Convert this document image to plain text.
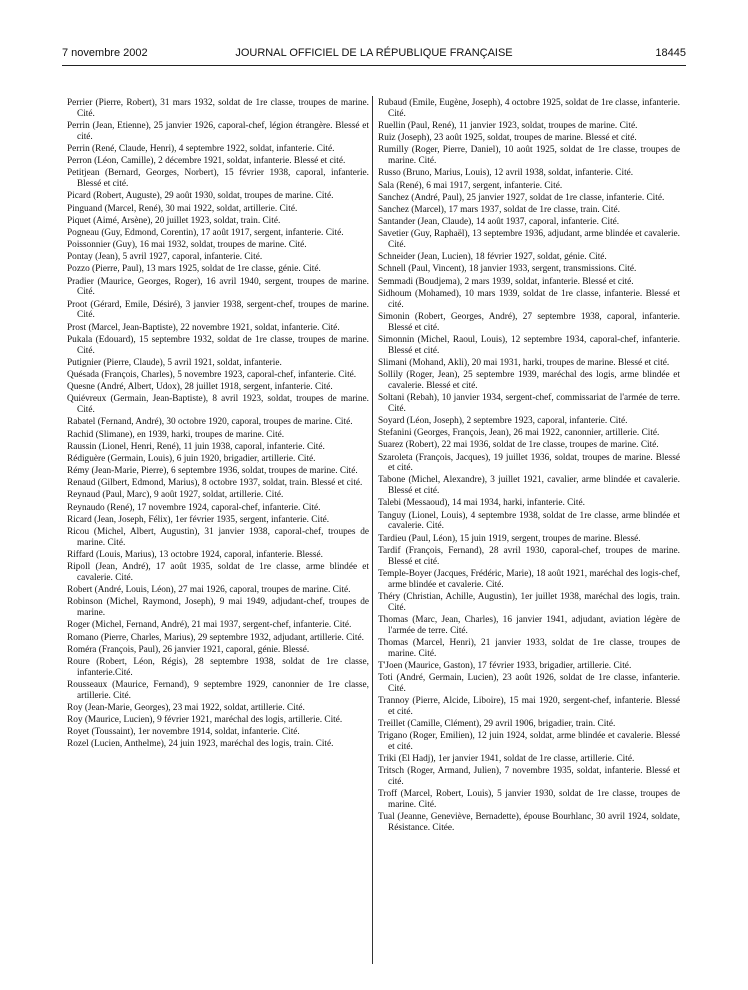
7 novembre 2002	JOURNAL OFFICIEL DE LA RÉPUBLIQUE FRANÇAISE	18445

Perrier (Pierre, Robert), 31 mars 1932, soldat de 1re classe, troupes de marine. Cité.

Perrin (Jean, Etienne), 25 janvier 1926, caporal-chef, légion étrangère. Blessé et cité.

Perrin (René, Claude, Henri), 4 septembre 1922, soldat, infanterie. Cité.

Perron (Léon, Camille), 2 décembre 1921, soldat, infanterie. Blessé et cité.

Petitjean (Bernard, Georges, Norbert), 15 février 1938, caporal, infanterie. Blessé et cité.

Picard (Robert, Auguste), 29 août 1930, soldat, troupes de marine. Cité.

Pinguand (Marcel, René), 30 mai 1922, soldat, artillerie. Cité.

Piquet (Aimé, Arsène), 20 juillet 1923, soldat, train. Cité.

Pogneau (Guy, Edmond, Corentin), 17 août 1917, sergent, infanterie. Cité.

Poissonnier (Guy), 16 mai 1932, soldat, troupes de marine. Cité.

Pontay (Jean), 5 avril 1927, caporal, infanterie. Cité.

Pozzo (Pierre, Paul), 13 mars 1925, soldat de 1re classe, génie. Cité.

Pradier (Maurice, Georges, Roger), 16 avril 1940, sergent, troupes de marine. Cité.

Proot (Gérard, Emile, Désiré), 3 janvier 1938, sergent-chef, troupes de marine. Cité.

Prost (Marcel, Jean-Baptiste), 22 novembre 1921, soldat, infanterie. Cité.

Pukala (Edouard), 15 septembre 1932, soldat de 1re classe, troupes de marine. Cité.

Putignier (Pierre, Claude), 5 avril 1921, soldat, infanterie.

Quésada (François, Charles), 5 novembre 1923, caporal-chef, infanterie. Cité.

Quesne (André, Albert, Udox), 28 juillet 1918, sergent, infanterie. Cité.

Quiévreux (Germain, Jean-Baptiste), 8 avril 1923, soldat, troupes de marine. Cité.

Rabatel (Fernand, André), 30 octobre 1920, caporal, troupes de marine. Cité.

Rachid (Slimane), en 1939, harki, troupes de marine. Cité.

Raussin (Lionel, Henri, René), 11 juin 1938, caporal, infanterie. Cité.

Rédiguère (Germain, Louis), 6 juin 1920, brigadier, artillerie. Cité.

Rémy (Jean-Marie, Pierre), 6 septembre 1936, soldat, troupes de marine. Cité.

Renaud (Gilbert, Edmond, Marius), 8 octobre 1937, soldat, train. Blessé et cité.

Reynaud (Paul, Marc), 9 août 1927, soldat, artillerie. Cité.

Reynaudo (René), 17 novembre 1924, caporal-chef, infanterie. Cité.

Ricard (Jean, Joseph, Félix), 1er février 1935, sergent, infanterie. Cité.

Ricou (Michel, Albert, Augustin), 31 janvier 1938, caporal-chef, troupes de marine. Cité.

Riffard (Louis, Marius), 13 octobre 1924, caporal, infanterie. Blessé.

Ripoll (Jean, André), 17 août 1935, soldat de 1re classe, arme blindée et cavalerie. Cité.

Robert (André, Louis, Léon), 27 mai 1926, caporal, troupes de marine. Cité.

Robinson (Michel, Raymond, Joseph), 9 mai 1949, adjudant-chef, troupes de marine.

Roger (Michel, Fernand, André), 21 mai 1937, sergent-chef, infanterie. Cité.

Romano (Pierre, Charles, Marius), 29 septembre 1932, adjudant, artillerie. Cité.

Roméra (François, Paul), 26 janvier 1921, caporal, génie. Blessé.

Roure (Robert, Léon, Régis), 28 septembre 1938, soldat de 1re classe, infanterie.Cité.

Rousseaux (Maurice, Fernand), 9 septembre 1929, canonnier de 1re classe, artillerie. Cité.

Roy (Jean-Marie, Georges), 23 mai 1922, soldat, artillerie. Cité.

Roy (Maurice, Lucien), 9 février 1921, maréchal des logis, artillerie. Cité.

Royet (Toussaint), 1er novembre 1914, soldat, infanterie. Cité.

Rozel (Lucien, Anthelme), 24 juin 1923, maréchal des logis, train. Cité.

Rubaud (Emile, Eugène, Joseph), 4 octobre 1925, soldat de 1re classe, infanterie. Cité.

Ruellin (Paul, René), 11 janvier 1923, soldat, troupes de marine. Cité.

Ruiz (Joseph), 23 août 1925, soldat, troupes de marine. Blessé et cité.

Rumilly (Roger, Pierre, Daniel), 10 août 1925, soldat de 1re classe, troupes de marine. Cité.

Russo (Bruno, Marius, Louis), 12 avril 1938, soldat, infanterie. Cité.

Sala (René), 6 mai 1917, sergent, infanterie. Cité.

Sanchez (André, Paul), 25 janvier 1927, soldat de 1re classe, infanterie. Cité.

Sanchez (Marcel), 17 mars 1937, soldat de 1re classe, train. Cité.

Santander (Jean, Claude), 14 août 1937, caporal, infanterie. Cité.

Savetier (Guy, Raphaël), 13 septembre 1936, adjudant, arme blindée et cavalerie. Cité.

Schneider (Jean, Lucien), 18 février 1927, soldat, génie. Cité.

Schnell (Paul, Vincent), 18 janvier 1933, sergent, transmissions. Cité.

Semmadi (Boudjema), 2 mars 1939, soldat, infanterie. Blessé et cité.

Sidhoum (Mohamed), 10 mars 1939, soldat de 1re classe, infanterie. Blessé et cité.

Simonin (Robert, Georges, André), 27 septembre 1938, caporal, infanterie. Blessé et cité.

Simonnin (Michel, Raoul, Louis), 12 septembre 1934, caporal-chef, infanterie. Blessé et cité.

Slimani (Mohand, Akli), 20 mai 1931, harki, troupes de marine. Blessé et cité.

Sollily (Roger, Jean), 25 septembre 1939, maréchal des logis, arme blindée et cavalerie. Blessé et cité.

Soltani (Rebah), 10 janvier 1934, sergent-chef, commissariat de l'armée de terre. Cité.

Soyard (Léon, Joseph), 2 septembre 1923, caporal, infanterie. Cité.

Stefanini (Georges, François, Jean), 26 mai 1922, canonnier, artillerie. Cité.

Suarez (Robert), 22 mai 1936, soldat de 1re classe, troupes de marine. Cité.

Szaroleta (François, Jacques), 19 juillet 1936, soldat, troupes de marine. Blessé et cité.

Tabone (Michel, Alexandre), 3 juillet 1921, cavalier, arme blindée et cavalerie. Blessé et cité.

Talebi (Messaoud), 14 mai 1934, harki, infanterie. Cité.

Tanguy (Lionel, Louis), 4 septembre 1938, soldat de 1re classe, arme blindée et cavalerie. Cité.

Tardieu (Paul, Léon), 15 juin 1919, sergent, troupes de marine. Blessé.

Tardif (François, Fernand), 28 avril 1930, caporal-chef, troupes de marine. Blessé et cité.

Temple-Boyer (Jacques, Frédéric, Marie), 18 août 1921, maréchal des logis-chef, arme blindée et cavalerie. Cité.

Théry (Christian, Achille, Augustin), 1er juillet 1938, maréchal des logis, train. Cité.

Thomas (Marc, Jean, Charles), 16 janvier 1941, adjudant, aviation légère de l'armée de terre. Cité.

Thomas (Marcel, Henri), 21 janvier 1933, soldat de 1re classe, troupes de marine. Cité.

T'Joen (Maurice, Gaston), 17 février 1933, brigadier, artillerie. Cité.

Toti (André, Germain, Lucien), 23 août 1926, soldat de 1re classe, infanterie. Cité.

Trannoy (Pierre, Alcide, Liboire), 15 mai 1920, sergent-chef, infanterie. Blessé et cité.

Treillet (Camille, Clément), 29 avril 1906, brigadier, train. Cité.

Trigano (Roger, Emilien), 12 juin 1924, soldat, arme blindée et cavalerie. Blessé et cité.

Triki (El Hadj), 1er janvier 1941, soldat de 1re classe, artillerie. Cité.

Tritsch (Roger, Armand, Julien), 7 novembre 1935, soldat, infanterie. Blessé et cité.

Troff (Marcel, Robert, Louis), 5 janvier 1930, soldat de 1re classe, troupes de marine. Cité.

Tual (Jeanne, Geneviève, Bernadette), épouse Bourhlanc, 30 avril 1924, soldate, Résistance. Citée.
